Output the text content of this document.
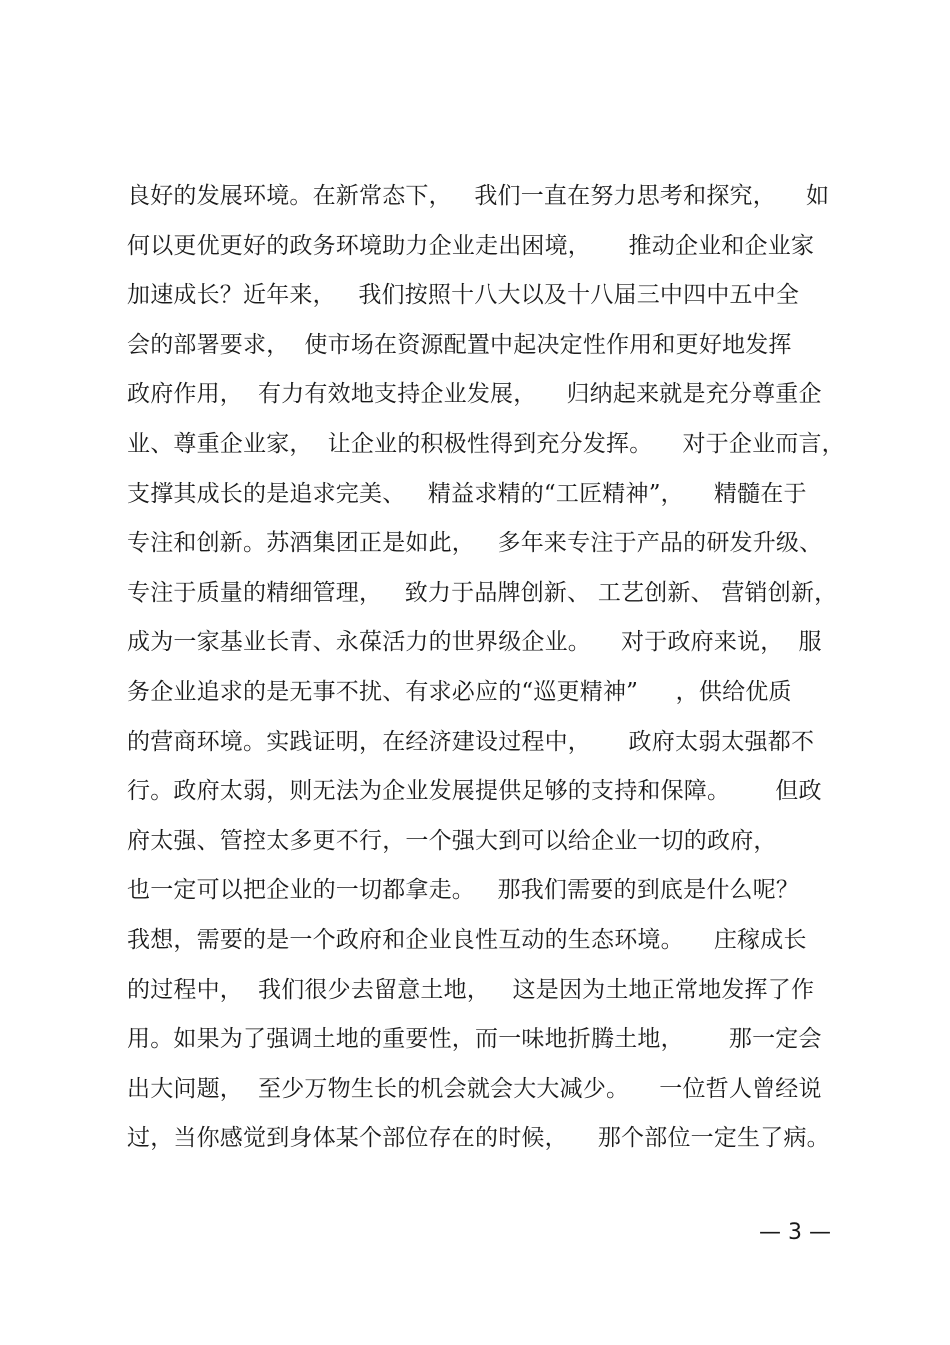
良好的发展环境。在新常态下，   我们一直在努力思考和探究，    如
何以更优更好的政务环境助力企业走出困境，     推动企业和企业家
加速成长？近年来，   我们按照十八大以及十八届三中四中五中全
会的部署要求，  使市场在资源配置中起决定性作用和更好地发挥
政府作用，  有力有效地支持企业发展，    归纳起来就是充分尊重企
业、尊重企业家，  让企业的积极性得到充分发挥。    对于企业而言，
支撑其成长的是追求完美、   精益求精的“工匠精神”，    精髓在于
专注和创新。苏酒集团正是如此，   多年来专注于产品的研发升级、
专注于质量的精细管理，   致力于品牌创新、 工艺创新、 营销创新，
成为一家基业长青、永葆活力的世界级企业。    对于政府来说，  服
务企业追求的是无事不扰、有求必应的“巡更精神”     ，供给优质
的营商环境。实践证明，在经济建设过程中，     政府太弱太强都不
行。政府太弱，则无法为企业发展提供足够的支持和保障。      但政
府太强、管控太多更不行，一个强大到可以给企业一切的政府，
也一定可以把企业的一切都拿走。   那我们需要的到底是什么呢？
我想，需要的是一个政府和企业良性互动的生态环境。    庄稼成长
的过程中，  我们很少去留意土地，   这是因为土地正常地发挥了作
用。如果为了强调土地的重要性，而一味地折腾土地，      那一定会
出大问题，  至少万物生长的机会就会大大减少。    一位哲人曾经说
过，当你感觉到身体某个部位存在的时候，    那个部位一定生了病。
— 3 —
